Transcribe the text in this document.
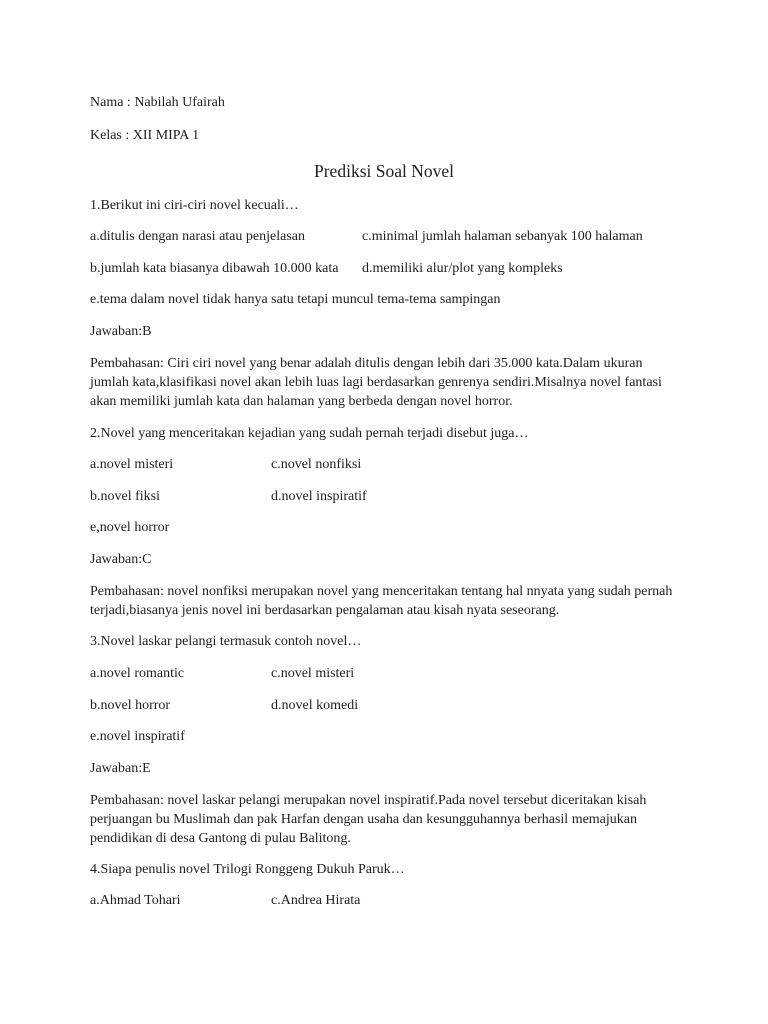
Nama : Nabilah Ufairah
Kelas : XII MIPA 1
Prediksi Soal Novel
1.Berikut ini ciri-ciri novel kecuali…
a.ditulis dengan narasi atau penjelasan	c.minimal jumlah halaman sebanyak 100 halaman
b.jumlah kata biasanya dibawah 10.000 kata d.memiliki alur/plot yang kompleks
e.tema dalam novel tidak hanya satu tetapi muncul tema-tema sampingan
Jawaban:B
Pembahasan: Ciri ciri novel yang benar adalah ditulis dengan lebih dari 35.000 kata.Dalam ukuran jumlah kata,klasifikasi novel akan lebih luas lagi berdasarkan genrenya sendiri.Misalnya novel fantasi akan memiliki jumlah kata dan halaman yang berbeda dengan novel horror.
2.Novel yang menceritakan kejadian yang sudah pernah terjadi disebut juga…
a.novel misteri	c.novel nonfiksi
b.novel fiksi	d.novel inspiratif
e,novel horror
Jawaban:C
Pembahasan: novel nonfiksi merupakan novel yang menceritakan tentang hal nnyata yang sudah pernah terjadi,biasanya jenis novel ini berdasarkan pengalaman atau kisah nyata seseorang.
3.Novel laskar pelangi termasuk contoh novel…
a.novel romantic	c.novel misteri
b.novel horror	d.novel komedi
e.novel inspiratif
Jawaban:E
Pembahasan: novel laskar pelangi merupakan novel inspiratif.Pada novel tersebut diceritakan kisah perjuangan bu Muslimah dan pak Harfan dengan usaha dan kesungguhannya berhasil memajukan pendidikan di desa Gantong di pulau Balitong.
4.Siapa penulis novel Trilogi Ronggeng Dukuh Paruk…
a.Ahmad Tohari	c.Andrea Hirata
